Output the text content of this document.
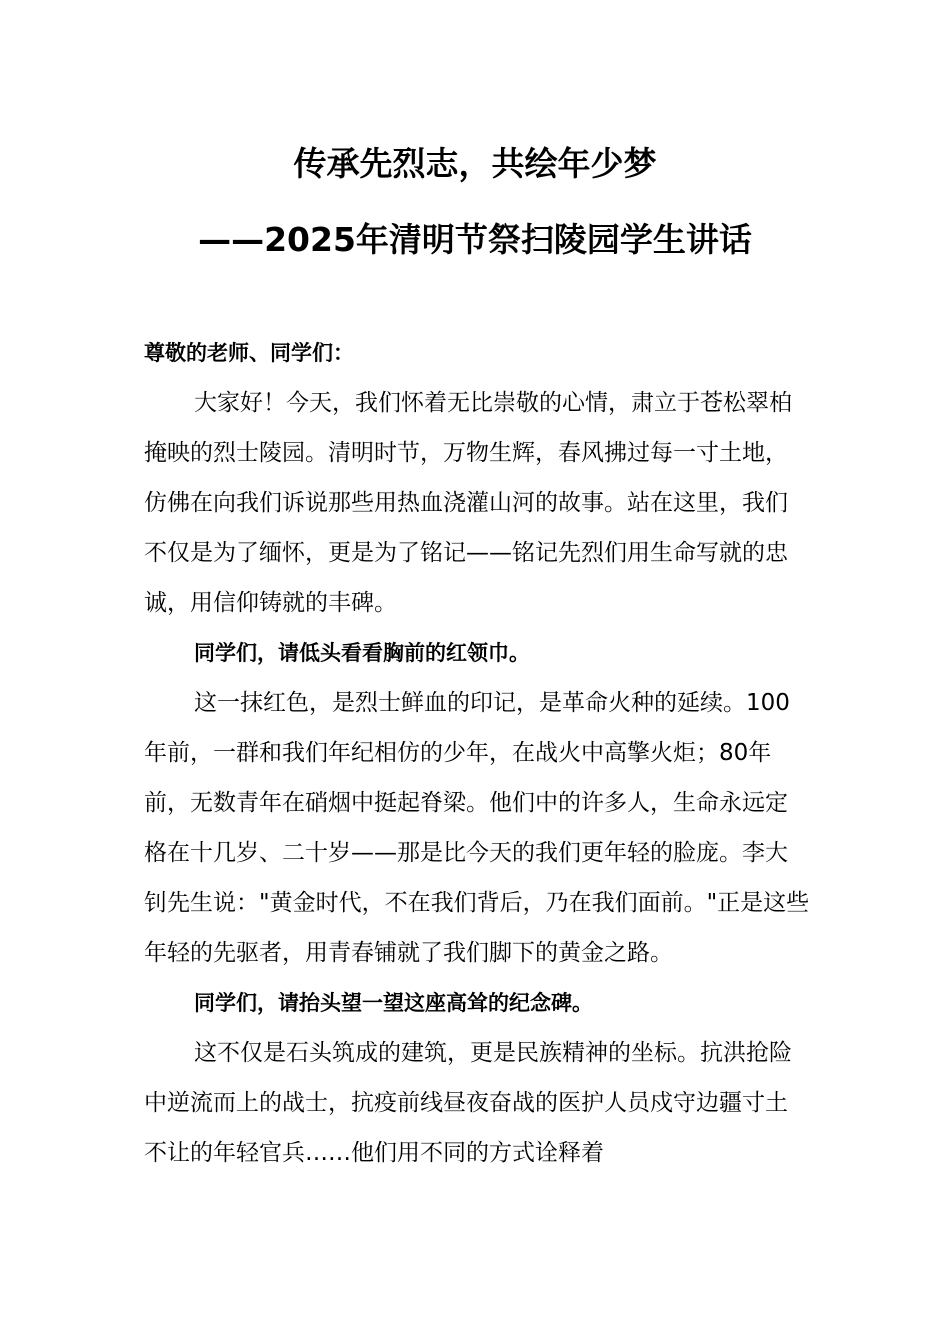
传承先烈志，共绘年少梦
——2025年清明节祭扫陵园学生讲话

尊敬的老师、同学们：

大家好！今天，我们怀着无比崇敬的心情，肃立于苍松翠柏掩映的烈士陵园。清明时节，万物生辉，春风拂过每一寸土地，仿佛在向我们诉说那些用热血浇灌山河的故事。站在这里，我们不仅是为了缅怀，更是为了铭记——铭记先烈们用生命写就的忠诚，用信仰铸就的丰碑。

同学们，请低头看看胸前的红领巾。

这一抹红色，是烈士鲜血的印记，是革命火种的延续。100年前，一群和我们年纪相仿的少年，在战火中高擎火炬；80年前，无数青年在硝烟中挺起脊梁。他们中的许多人，生命永远定格在十几岁、二十岁——那是比今天的我们更年轻的脸庞。李大钊先生说："黄金时代，不在我们背后，乃在我们面前。"正是这些年轻的先驱者，用青春铺就了我们脚下的黄金之路。

同学们，请抬头望一望这座高耸的纪念碑。

这不仅是石头筑成的建筑，更是民族精神的坐标。抗洪抢险中逆流而上的战士，抗疫前线昼夜奋战的医护人员戍守边疆寸土不让的年轻官兵……他们用不同的方式诠释着
